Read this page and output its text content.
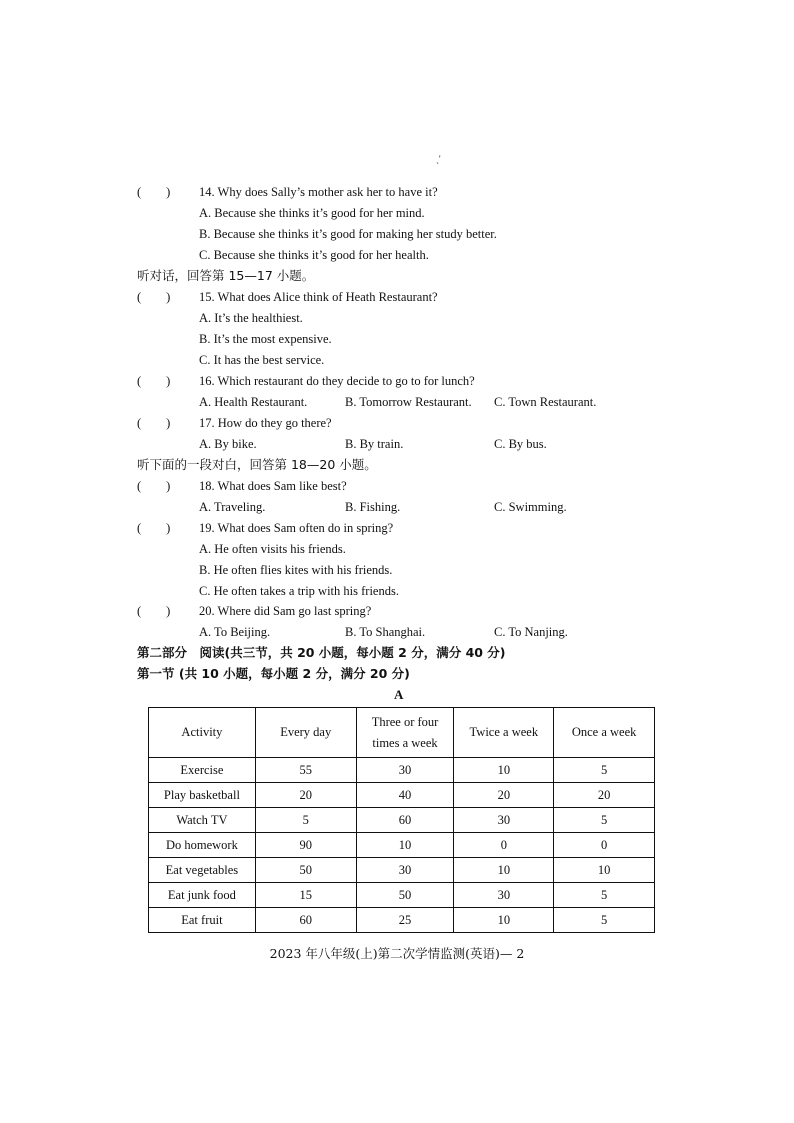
ˎ'
(  ) 14. Why does Sally’s mother ask her to have it?
A. Because she thinks it’s good for her mind.
B. Because she thinks it’s good for making her study better.
C. Because she thinks it’s good for her health.
听对话，回答第 15—17 小题。
(  ) 15. What does Alice think of Heath Restaurant?
A. It’s the healthiest.
B. It’s the most expensive.
C. It has the best service.
(  ) 16. Which restaurant do they decide to go to for lunch?
A. Health Restaurant.	B. Tomorrow Restaurant. C. Town Restaurant.
(  ) 17. How do they go there?
A. By bike.	B. By train.	C. By bus.
听下面的一段对白，回答第 18—20 小题。
(  ) 18. What does Sam like best?
A. Traveling.	B. Fishing.	C. Swimming.
(  ) 19. What does Sam often do in spring?
A. He often visits his friends.
B. He often flies kites with his friends.
C. He often takes a trip with his friends.
(  ) 20. Where did Sam go last spring?
A. To Beijing.	B. To Shanghai.	C. To Nanjing.
第二部分　阅读(共三节，共 20 小题，每小题 2 分，满分 40 分)
第一节 (共 10 小题，每小题 2 分，满分 20 分)
A
Activity	Every day	Three or four times a week	Twice a week	Once a week
Exercise	55	30	10	5
Play basketball	20	40	20	20
Watch TV	5	60	30	5
Do homework	90	10	0	0
Eat vegetables	50	30	10	10
Eat junk food	15	50	30	5
Eat fruit	60	25	10	5
2023 年八年级(上)第二次学情监测(英语)— 2
